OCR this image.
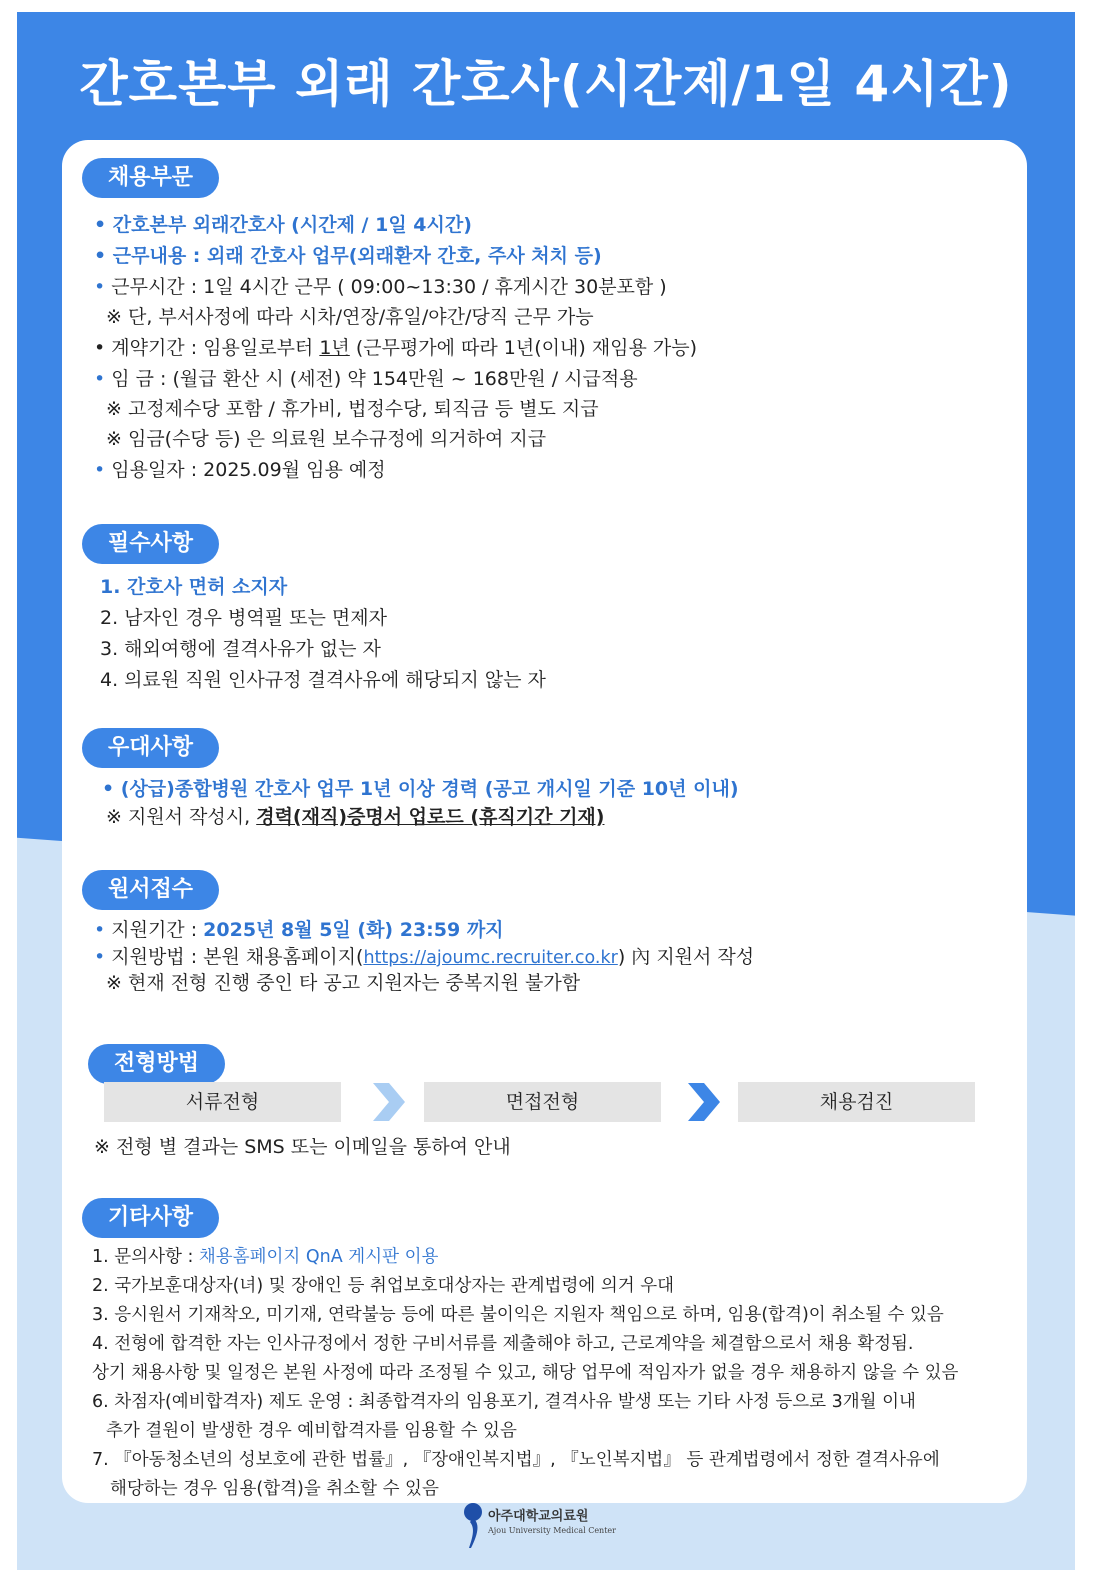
간호본부 외래 간호사(시간제/1일 4시간)
채용부문
• 간호본부 외래간호사 (시간제 / 1일 4시간)
• 근무내용 : 외래 간호사 업무(외래환자 간호, 주사 처치 등)
• 근무시간 : 1일 4시간 근무 ( 09:00~13:30 / 휴게시간 30분포함 )
※ 단, 부서사정에 따라 시차/연장/휴일/야간/당직 근무 가능
• 계약기간 : 임용일로부터 1년 (근무평가에 따라 1년(이내) 재임용 가능)
• 임 금 : (월급 환산 시 (세전) 약 154만원 ~ 168만원 / 시급적용
※ 고정제수당 포함 / 휴가비, 법정수당, 퇴직금 등 별도 지급
※ 임금(수당 등) 은 의료원 보수규정에 의거하여 지급
• 임용일자 : 2025.09월 임용 예정
필수사항
1. 간호사 면허 소지자
2. 남자인 경우 병역필 또는 면제자
3. 해외여행에 결격사유가 없는 자
4. 의료원 직원 인사규정 결격사유에 해당되지 않는 자
우대사항
• (상급)종합병원 간호사 업무 1년 이상 경력 (공고 개시일 기준 10년 이내)
※ 지원서 작성시, 경력(재직)증명서 업로드 (휴직기간 기재)
원서접수
• 지원기간 : 2025년 8월 5일 (화) 23:59 까지
• 지원방법 : 본원 채용홈페이지(https://ajoumc.recruiter.co.kr) 內 지원서 작성
※ 현재 전형 진행 중인 타 공고 지원자는 중복지원 불가함
전형방법
서류전형	면접전형	채용검진
※ 전형 별 결과는 SMS 또는 이메일을 통하여 안내
기타사항
1. 문의사항 : 채용홈페이지 QnA 게시판 이용
2. 국가보훈대상자(녀) 및 장애인 등 취업보호대상자는 관계법령에 의거 우대
3. 응시원서 기재착오, 미기재, 연락불능 등에 따른 불이익은 지원자 책임으로 하며, 임용(합격)이 취소될 수 있음
4. 전형에 합격한 자는 인사규정에서 정한 구비서류를 제출해야 하고, 근로계약을 체결함으로서 채용 확정됨.
상기 채용사항 및 일정은 본원 사정에 따라 조정될 수 있고, 해당 업무에 적임자가 없을 경우 채용하지 않을 수 있음
6. 차점자(예비합격자) 제도 운영 : 최종합격자의 임용포기, 결격사유 발생 또는 기타 사정 등으로 3개월 이내
추가 결원이 발생한 경우 예비합격자를 임용할 수 있음
7. 『아동청소년의 성보호에 관한 법률』, 『장애인복지법』, 『노인복지법』 등 관계법령에서 정한 결격사유에
해당하는 경우 임용(합격)을 취소할 수 있음
아주대학교의료원
Ajou University Medical Center
